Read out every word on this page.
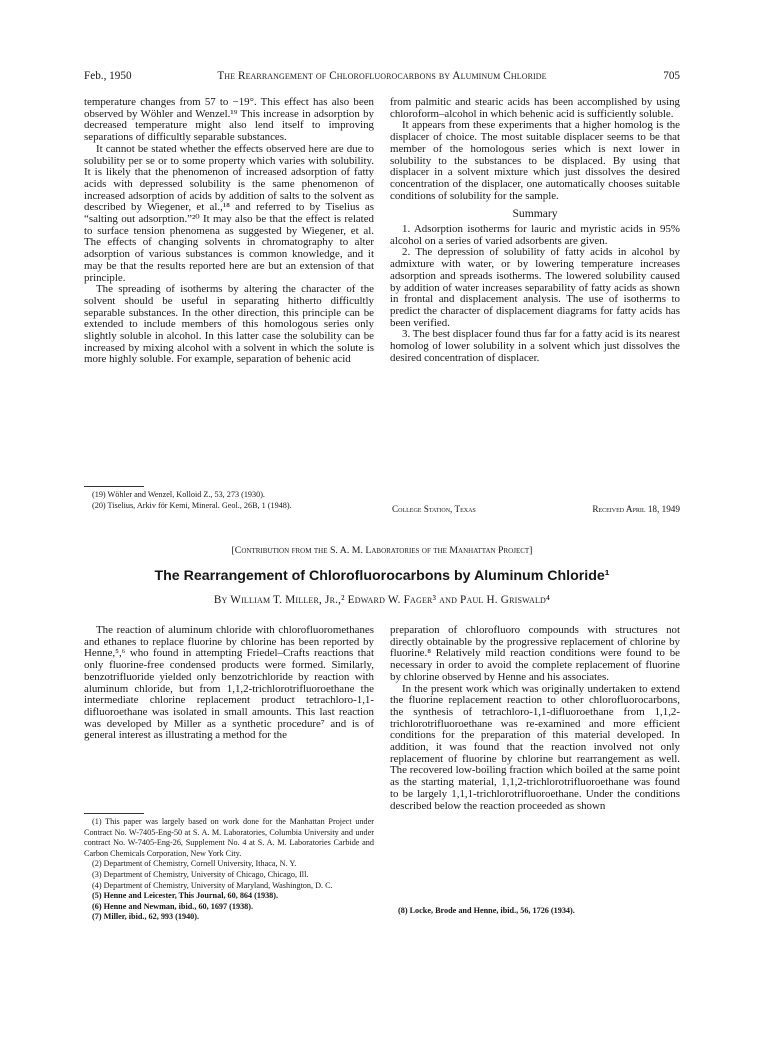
Feb., 1950	The Rearrangement of Chlorofluorocarbons by Aluminum Chloride	705

temperature changes from 57 to −19°. This effect has also been observed by Wöhler and Wenzel.¹⁹ This increase in adsorption by decreased temperature might also lend itself to improving separations of difficultly separable substances.

It cannot be stated whether the effects observed here are due to solubility per se or to some property which varies with solubility. It is likely that the phenomenon of increased adsorption of fatty acids with depressed solubility is the same phenomenon of increased adsorption of acids by addition of salts to the solvent as described by Wiegener, et al.,¹⁸ and referred to by Tiselius as “salting out adsorption.”²⁰ It may also be that the effect is related to surface tension phenomena as suggested by Wiegener, et al. The effects of changing solvents in chromatography to alter adsorption of various substances is common knowledge, and it may be that the results reported here are but an extension of that principle.

The spreading of isotherms by altering the character of the solvent should be useful in separating hitherto difficultly separable substances. In the other direction, this principle can be extended to include members of this homologous series only slightly soluble in alcohol. In this latter case the solubility can be increased by mixing alcohol with a solvent in which the solute is more highly soluble. For example, separation of behenic acid

(19) Wöhler and Wenzel, Kolloid Z., 53, 273 (1930).
(20) Tiselius, Arkiv för Kemi, Mineral. Geol., 26B, 1 (1948).

from palmitic and stearic acids has been accomplished by using chloroform–alcohol in which behenic acid is sufficiently soluble.

It appears from these experiments that a higher homolog is the displacer of choice. The most suitable displacer seems to be that member of the homologous series which is next lower in solubility to the substances to be displaced. By using that displacer in a solvent mixture which just dissolves the desired concentration of the displacer, one automatically chooses suitable conditions of solubility for the sample.

Summary

1. Adsorption isotherms for lauric and myristic acids in 95% alcohol on a series of varied adsorbents are given.

2. The depression of solubility of fatty acids in alcohol by admixture with water, or by lowering temperature increases adsorption and spreads isotherms. The lowered solubility caused by addition of water increases separability of fatty acids as shown in frontal and displacement analysis. The use of isotherms to predict the character of displacement diagrams for fatty acids has been verified.

3. The best displacer found thus far for a fatty acid is its nearest homolog of lower solubility in a solvent which just dissolves the desired concentration of displacer.

College Station, Texas	Received April 18, 1949
[Contribution from the S. A. M. Laboratories of the Manhattan Project]
The Rearrangement of Chlorofluorocarbons by Aluminum Chloride¹
By William T. Miller, Jr.,² Edward W. Fager³ and Paul H. Griswald⁴

The reaction of aluminum chloride with chlorofluoromethanes and ethanes to replace fluorine by chlorine has been reported by Henne,⁵,⁶ who found in attempting Friedel–Crafts reactions that only fluorine-free condensed products were formed. Similarly, benzotrifluoride yielded only benzotrichloride by reaction with aluminum chloride, but from 1,1,2-trichlorotrifluoroethane the intermediate chlorine replacement product tetrachloro-1,1-difluoroethane was isolated in small amounts. This last reaction was developed by Miller as a synthetic procedure⁷ and is of general interest as illustrating a method for the

(1) This paper was largely based on work done for the Manhattan Project under Contract No. W-7405-Eng-50 at S. A. M. Laboratories, Columbia University and under contract No. W-7405-Eng-26, Supplement No. 4 at S. A. M. Laboratories Carbide and Carbon Chemicals Corporation, New York City.
(2) Department of Chemistry, Cornell University, Ithaca, N. Y.
(3) Department of Chemistry, University of Chicago, Chicago, Ill.
(4) Department of Chemistry, University of Maryland, Washington, D. C.
(5) Henne and Leicester, This Journal, 60, 864 (1938).
(6) Henne and Newman, ibid., 60, 1697 (1938).
(7) Miller, ibid., 62, 993 (1940).

preparation of chlorofluoro compounds with structures not directly obtainable by the progressive replacement of chlorine by fluorine.⁸ Relatively mild reaction conditions were found to be necessary in order to avoid the complete replacement of fluorine by chlorine observed by Henne and his associates.

In the present work which was originally undertaken to extend the fluorine replacement reaction to other chlorofluorocarbons, the synthesis of tetrachloro-1,1-difluoroethane from 1,1,2-trichlorotrifluoroethane was re-examined and more efficient conditions for the preparation of this material developed. In addition, it was found that the reaction involved not only replacement of fluorine by chlorine but rearrangement as well. The recovered low-boiling fraction which boiled at the same point as the starting material, 1,1,2-trichlorotrifluoroethane was found to be largely 1,1,1-trichlorotrifluoroethane. Under the conditions described below the reaction proceeded as shown

(8) Locke, Brode and Henne, ibid., 56, 1726 (1934).
